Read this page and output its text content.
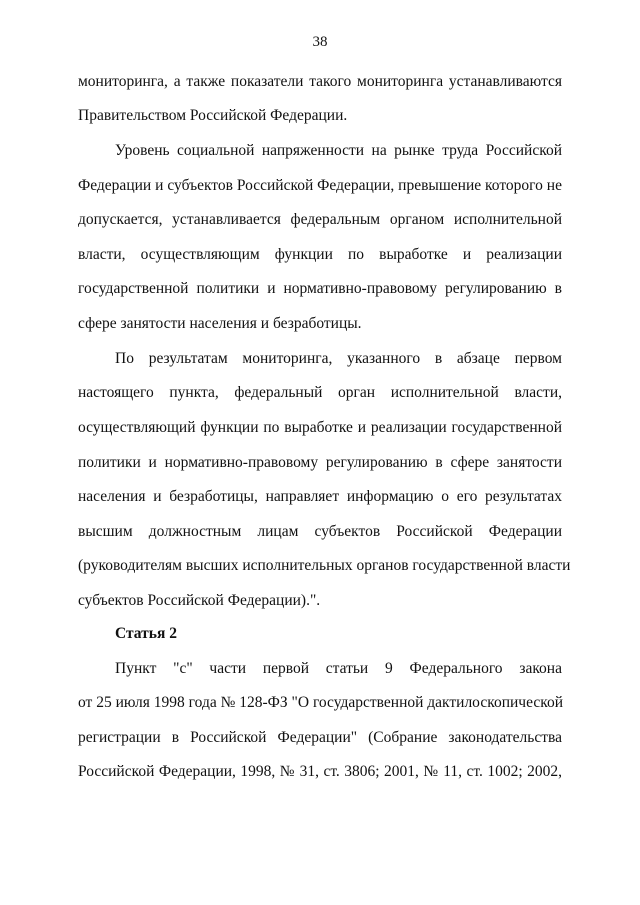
38
мониторинга, а также показатели такого мониторинга устанавливаются
Правительством Российской Федерации.
Уровень социальной напряженности на рынке труда Российской
Федерации и субъектов Российской Федерации, превышение которого не
допускается, устанавливается федеральным органом исполнительной
власти, осуществляющим функции по выработке и реализации
государственной политики и нормативно-правовому регулированию в
сфере занятости населения и безработицы.
По результатам мониторинга, указанного в абзаце первом
настоящего пункта, федеральный орган исполнительной власти,
осуществляющий функции по выработке и реализации государственной
политики и нормативно-правовому регулированию в сфере занятости
населения и безработицы, направляет информацию о его результатах
высшим должностным лицам субъектов Российской Федерации
(руководителям высших исполнительных органов государственной власти
субъектов Российской Федерации).".
Статья 2
Пункт "с" части первой статьи 9 Федерального закона
от 25 июля 1998 года № 128-ФЗ "О государственной дактилоскопической
регистрации в Российской Федерации" (Собрание законодательства
Российской Федерации, 1998, № 31, ст. 3806; 2001, № 11, ст. 1002; 2002,
